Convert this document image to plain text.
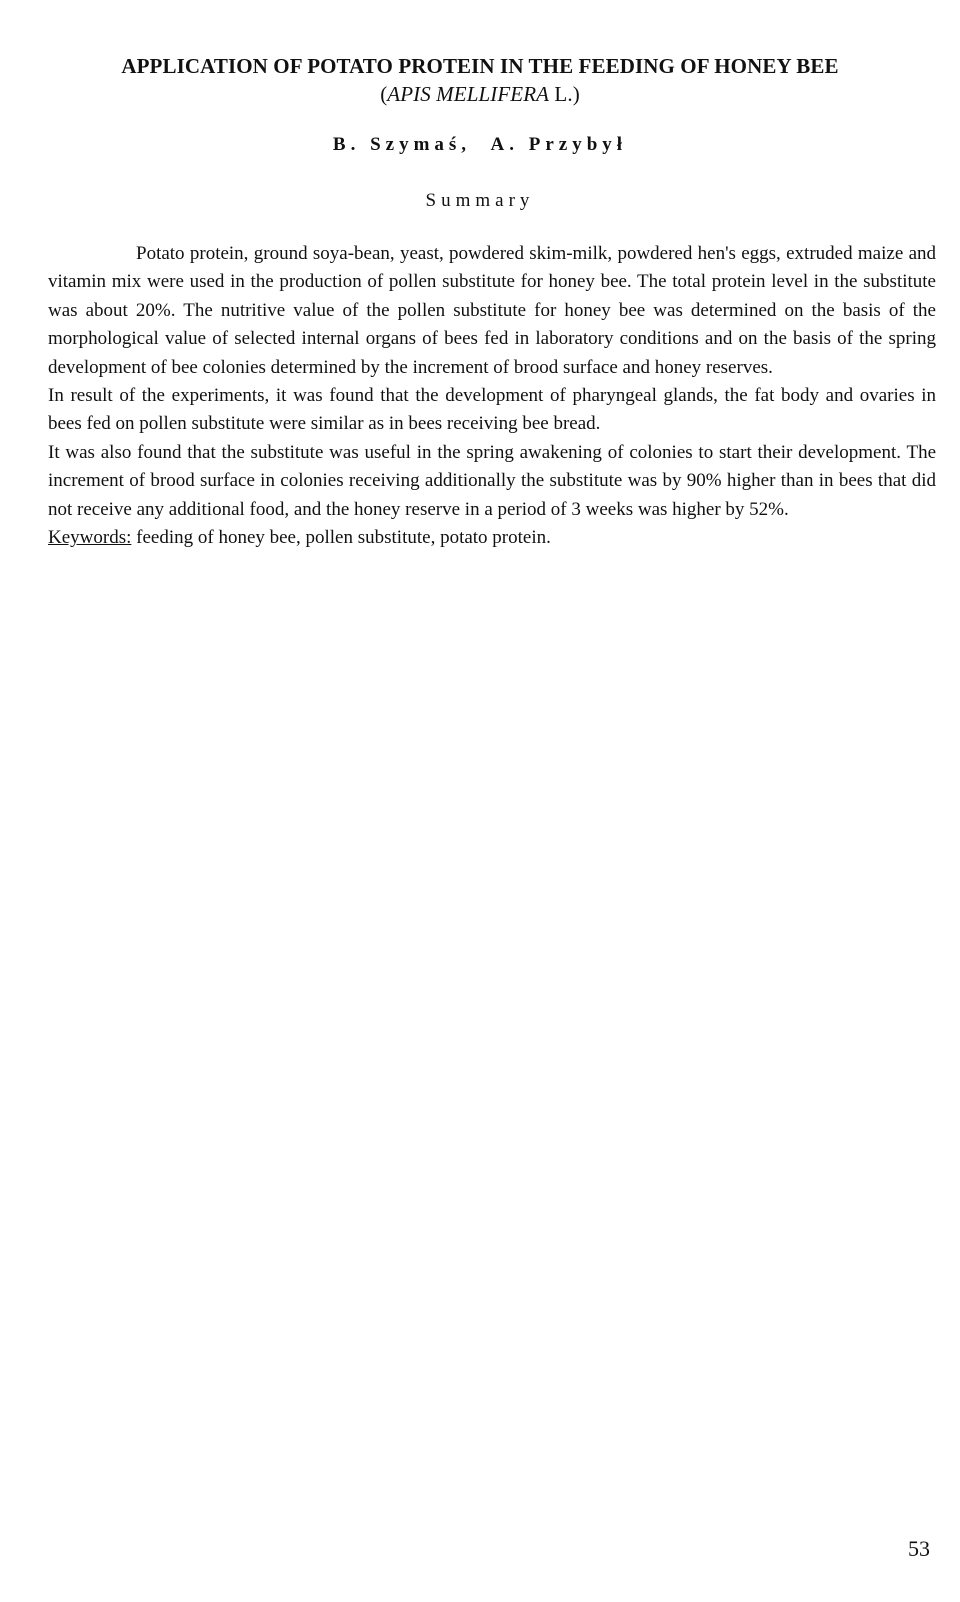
APPLICATION OF POTATO PROTEIN IN THE FEEDING OF HONEY BEE
(APIS MELLIFERA L.)
B. Szymaś, A. Przybył
Summary

Potato protein, ground soya-bean, yeast, powdered skim-milk, powdered hen's eggs, extruded maize and vitamin mix were used in the production of pollen substitute for honey bee. The total protein level in the substitute was about 20%. The nutritive value of the pollen substitute for honey bee was determined on the basis of the morphological value of selected internal organs of bees fed in laboratory conditions and on the basis of the spring development of bee colonies determined by the increment of brood surface and honey reserves.

In result of the experiments, it was found that the development of pharyngeal glands, the fat body and ovaries in bees fed on pollen substitute were similar as in bees receiving bee bread.

It was also found that the substitute was useful in the spring awakening of colonies to start their development. The increment of brood surface in colonies receiving additionally the substitute was by 90% higher than in bees that did not receive any additional food, and the honey reserve in a period of 3 weeks was higher by 52%.

Keywords: feeding of honey bee, pollen substitute, potato protein.

53
